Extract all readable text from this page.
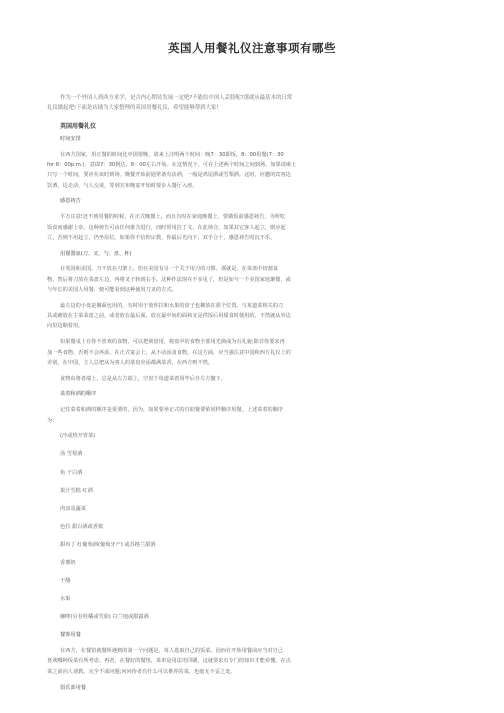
英国人用餐礼仪注意事项有哪些
作为一个外国人到西方求学，是否内心期待发展一定吧?不能给中国人丢脸呢?那就从最基本的日常
礼仪做起吧!下面是店铺为大家整理的英国用餐礼仪，希望能够帮到大家!
英国用餐礼仪

时间安排

在西方国家，用正餐的时间比中国要晚。请来上注明两个时间：晚7：30即饭，8：00用餐(7：30
for 8：00p.m.)，意即7：30到达，8：00左右开始。在这情况下，可在上述两个时间之间到场。如果请柬上
只写一个时间，要应在该时到场。晚餐开始前通常备有活酒，一般是鸡尾酒或雪梨酒。这时，应邀的宾客边
饮酒，边走动，与人交谈，等到宣布晚宴开始时要步入餐厅入座。

感恩祷告

平万注意!还不到用餐的时候。在正式晚餐上，而且有时在家庭晚餐上，要做饭前感恩祷告，为所吃
饭食而感谢上帝。这种祷告可由任何谁含进行，而时常用拉丁文。在此场合，如果其它客人起立，则应起
立，否则不用起立，仍坐原位。如果你不信仰宗教，你最后光向下，双手合十，感恩祷告时沉不乐。

用餐器皿(刀、叉、勺、盘、杯)

在英国和美国，刀不放在刀架上，但在美国有另一个关于用刀的习惯。那就是，在菜盘中切割食
物，然后将刀放在菜盘左边，再将叉子转到右手。这种作法现在不多见了，但是如与一个美国家庭聚餐，或
与年长的美国人用餐，便可能看到这种使用刀叉的方式。

最左边的小盘是搁面包用的。有时用于放你拉和水果的盘子也搁放在那个位置。与某道菜相关的刀
具或刺放在主菜菜盘之前，或者放在最后面，放在最中间的面和叉是供饭后用甜食时使用的，不然就从外边
向里边顺着用。

如果餐桌上有你不喜欢的食物，可以把须盘用，将盘中的食物全部用光换成为有礼貌;除非你要求再
加一些食物，否则不会再添。在正式宴会上，从不动添食食物。在这方面，应当强注意中国和西方礼仪上的
差别，在中国，主人总把从为客人的菜盘应添都满菜香，在西方则不然。

食物由将者端上，总是从左方端上，空盘于每道菜着用毕后自左方撤下。

菜着和酒的顺序

记住菜着和酒的顺序是重要的，因为，如果要举正式的自助餐要依同样顺序用餐。上述菜着的顺序
为：

(冷或热开胃菜)

汤 雪梨酒

鱼 干白酒

果汁雪糕 红酒

肉食及蔬菜

色拉 甜白酒或香槟

甜布丁 红葡萄酒(葡萄牙产) 或苏格兰甜酒

香薯奶

干酪

水果

咖啡(另有桂橘或雪茄) 白兰地或甜露酒

餐饰用餐

在西方，在餐馆就餐所遇到的第一个问题是，每人选取自己的饭菜。因而在开始用餐前应当对自己
喜欢哪种饭菜有所考虑。再者，在餐好的餐馆，菜单是用法语印刷，这就要求有专门的知识才能看懂。在点
菜之前向人请教，完全不成问题;问问侍者有什么可以推荐的菜，也毫无不妥之处。

俱乐部用餐
